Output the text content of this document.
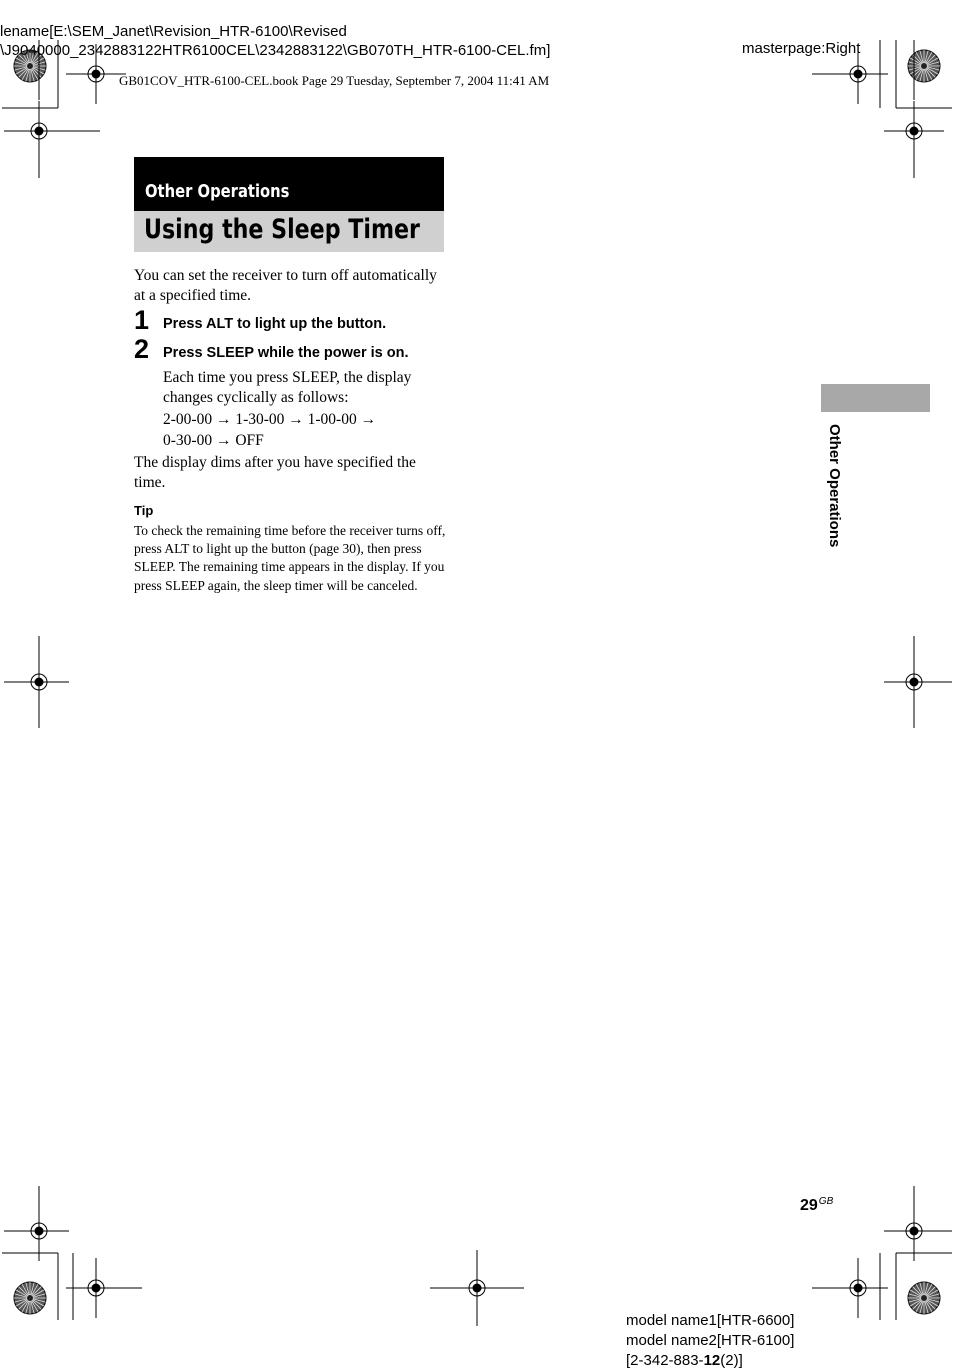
lename[E:\SEM_Janet\Revision_HTR-6100\Revised
\J9040000_2342883122HTR6100CEL\2342883122\GB070TH_HTR-6100-CEL.fm]	masterpage:Right
GB01COV_HTR-6100-CEL.book Page 29 Tuesday, September 7, 2004 11:41 AM
Other Operations
Using the Sleep Timer
You can set the receiver to turn off automatically at a specified time.
1 Press ALT to light up the button.
2 Press SLEEP while the power is on.
Each time you press SLEEP, the display changes cyclically as follows:
2-00-00 → 1-30-00 → 1-00-00 →
0-30-00 → OFF
The display dims after you have specified the time.
Tip
To check the remaining time before the receiver turns off, press ALT to light up the button (page 30), then press SLEEP. The remaining time appears in the display. If you press SLEEP again, the sleep timer will be canceled.
Other Operations
$29^{GB}$
model name1[HTR-6600]
model name2[HTR-6100]
[2-342-883-12(2)]
